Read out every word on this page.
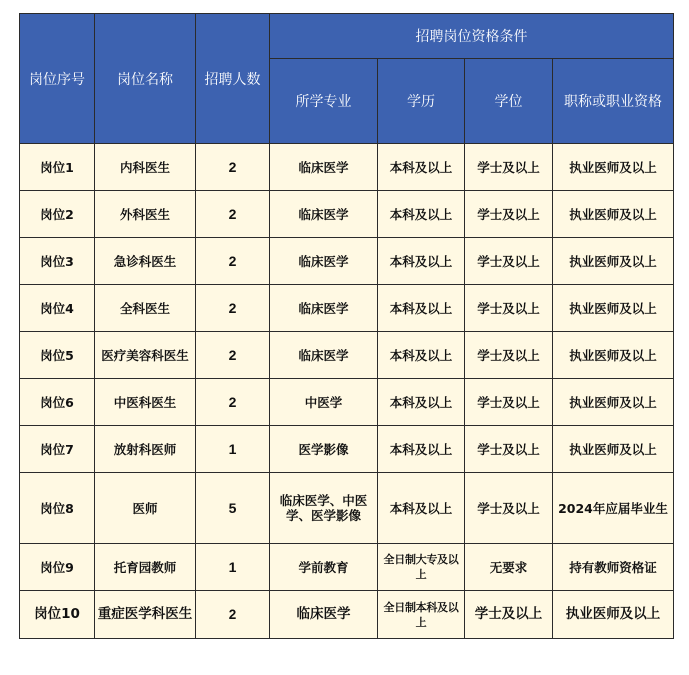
岗位序号	岗位名称	招聘人数	招聘岗位资格条件			
			所学专业	学历	学位	职称或职业资格
岗位1	内科医生	2	临床医学	本科及以上	学士及以上	执业医师及以上
岗位2	外科医生	2	临床医学	本科及以上	学士及以上	执业医师及以上
岗位3	急诊科医生	2	临床医学	本科及以上	学士及以上	执业医师及以上
岗位4	全科医生	2	临床医学	本科及以上	学士及以上	执业医师及以上
岗位5	医疗美容科医生	2	临床医学	本科及以上	学士及以上	执业医师及以上
岗位6	中医科医生	2	中医学	本科及以上	学士及以上	执业医师及以上
岗位7	放射科医师	1	医学影像	本科及以上	学士及以上	执业医师及以上
岗位8	医师	5	临床医学、中医学、医学影像	本科及以上	学士及以上	2024年应届毕业生
岗位9	托育园教师	1	学前教育	全日制大专及以上	无要求	持有教师资格证
岗位10	重症医学科医生	2	临床医学	全日制本科及以上	学士及以上	执业医师及以上
